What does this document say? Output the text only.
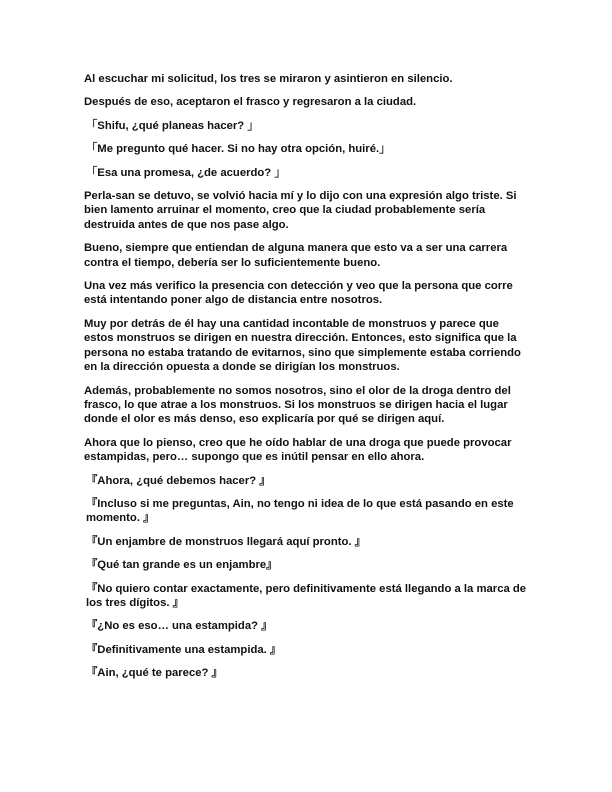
Al escuchar mi solicitud, los tres se miraron y asintieron en silencio.

Después de eso, aceptaron el frasco y regresaron a la ciudad.

「Shifu, ¿qué planeas hacer? 」

「Me pregunto qué hacer. Si no hay otra opción, huiré.」

「Esa una promesa, ¿de acuerdo? 」

Perla-san se detuvo, se volvió hacia mí y lo dijo con una expresión algo triste. Si bien lamento arruinar el momento, creo que la ciudad probablemente sería destruida antes de que nos pase algo.

Bueno, siempre que entiendan de alguna manera que esto va a ser una carrera contra el tiempo, debería ser lo suficientemente bueno.

Una vez más verifico la presencia con detección y veo que la persona que corre está intentando poner algo de distancia entre nosotros.

Muy por detrás de él hay una cantidad incontable de monstruos y parece que estos monstruos se dirigen en nuestra dirección. Entonces, esto significa que la persona no estaba tratando de evitarnos, sino que simplemente estaba corriendo en la dirección opuesta a donde se dirigían los monstruos.

Además, probablemente no somos nosotros, sino el olor de la droga dentro del frasco, lo que atrae a los monstruos. Si los monstruos se dirigen hacia el lugar donde el olor es más denso, eso explicaría por qué se dirigen aquí.

Ahora que lo pienso, creo que he oído hablar de una droga que puede provocar estampidas, pero… supongo que es inútil pensar en ello ahora.

『Ahora, ¿qué debemos hacer? 』

『Incluso si me preguntas, Ain, no tengo ni idea de lo que está pasando en este momento. 』

『Un enjambre de monstruos llegará aquí pronto. 』

『Qué tan grande es un enjambre』

『No quiero contar exactamente, pero definitivamente está llegando a la marca de los tres dígitos. 』

『¿No es eso… una estampida? 』

『Definitivamente una estampida. 』

『Ain, ¿qué te parece? 』
